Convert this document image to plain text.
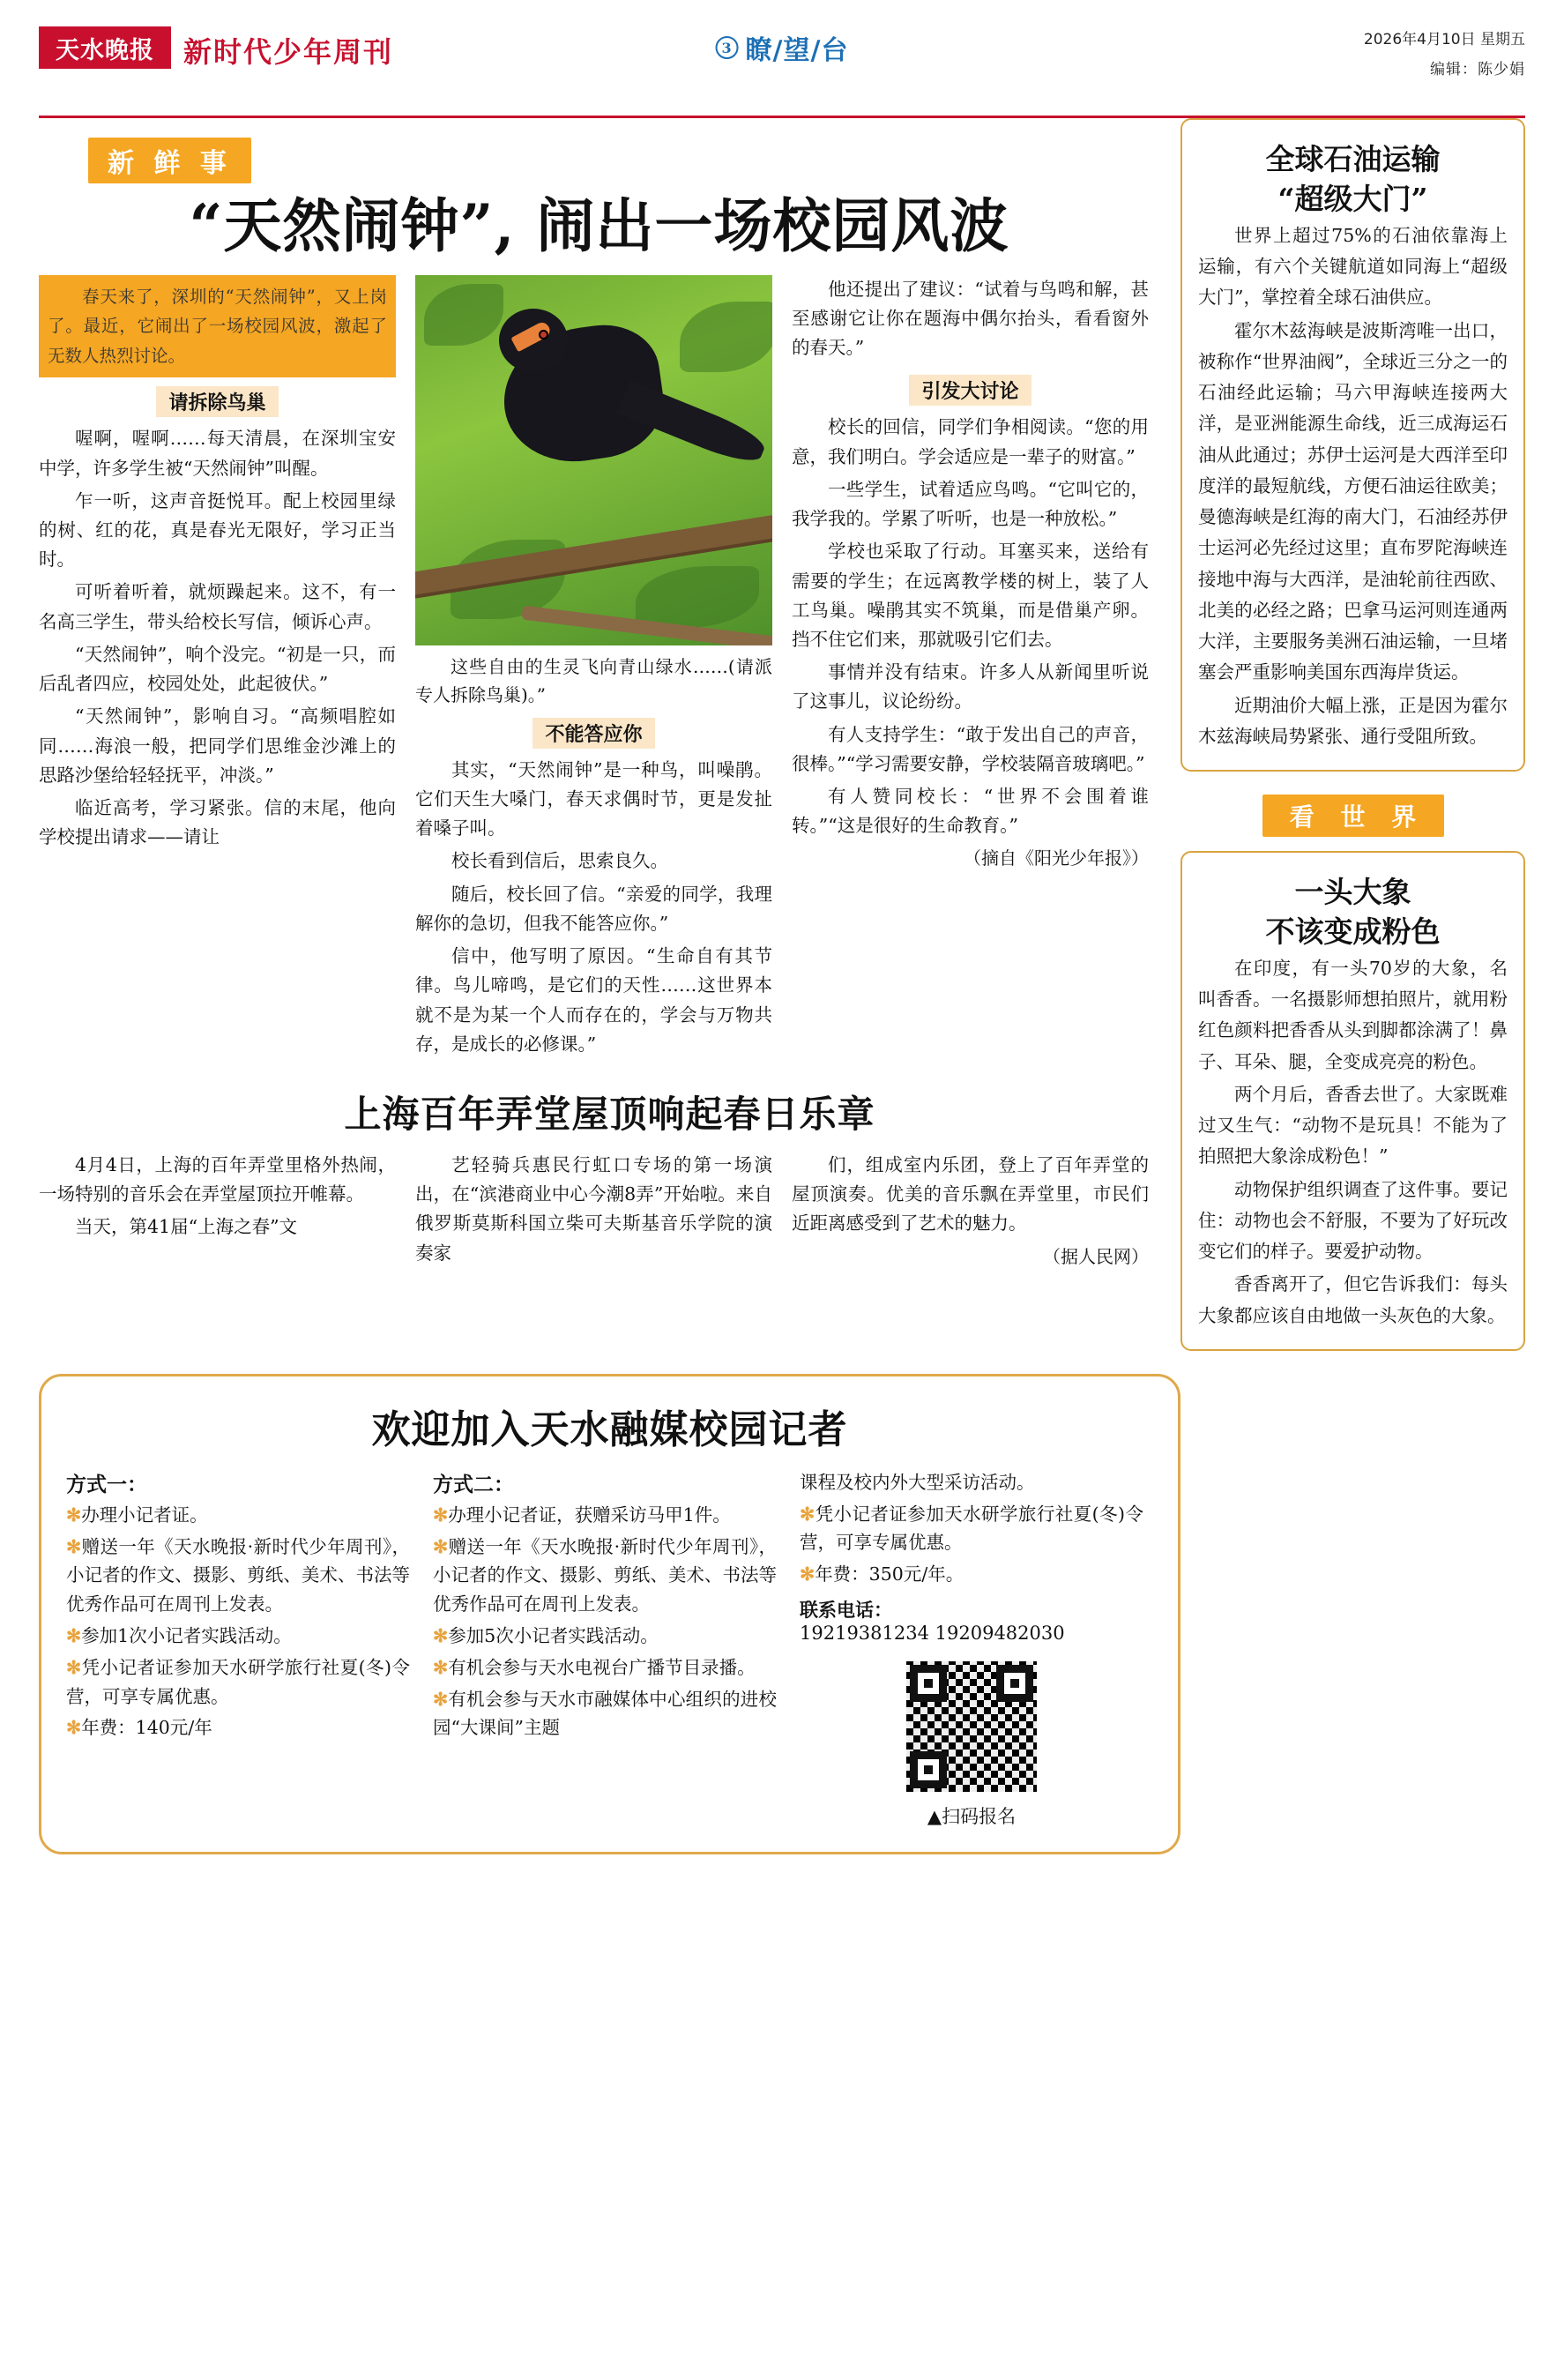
天水晚报	新时代少年周刊	3 瞭/望/台	2026年4月10日 星期五
编辑：陈少娟
新 鲜 事
“天然闹钟”, 闹出一场校园风波
春天来了，深圳的“天然闹钟”，又上岗了。最近，它闹出了一场校园风波，激起了无数人热烈讨论。
请拆除鸟巢

喔啊，喔啊……每天清晨，在深圳宝安中学，许多学生被“天然闹钟”叫醒。

乍一听，这声音挺悦耳。配上校园里绿的树、红的花，真是春光无限好，学习正当时。

可听着听着，就烦躁起来。这不，有一名高三学生，带头给校长写信，倾诉心声。

“天然闹钟”，响个没完。“初是一只，而后乱者四应，校园处处，此起彼伏。”

“天然闹钟”，影响自习。“高频唱腔如同……海浪一般，把同学们思维金沙滩上的思路沙堡给轻轻抚平，冲淡。”

临近高考，学习紧张。信的末尾，他向学校提出请求——请让

这些自由的生灵飞向青山绿水……(请派专人拆除鸟巢)。”
不能答应你

其实，“天然闹钟”是一种鸟，叫噪鹃。它们天生大嗓门，春天求偶时节，更是发扯着嗓子叫。

校长看到信后，思索良久。

随后，校长回了信。“亲爱的同学，我理解你的急切，但我不能答应你。”

信中，他写明了原因。“生命自有其节律。鸟儿啼鸣，是它们的天性……这世界本就不是为某一个人而存在的，学会与万物共存，是成长的必修课。”

他还提出了建议：“试着与鸟鸣和解，甚至感谢它让你在题海中偶尔抬头，看看窗外的春天。”

引发大讨论

校长的回信，同学们争相阅读。“您的用意，我们明白。学会适应是一辈子的财富。”

一些学生，试着适应鸟鸣。“它叫它的，我学我的。学累了听听，也是一种放松。”

学校也采取了行动。耳塞买来，送给有需要的学生；在远离教学楼的树上，装了人工鸟巢。噪鹃其实不筑巢，而是借巢产卵。挡不住它们来，那就吸引它们去。

事情并没有结束。许多人从新闻里听说了这事儿，议论纷纷。

有人支持学生：“敢于发出自己的声音，很棒。”“学习需要安静，学校装隔音玻璃吧。”

有人赞同校长：“世界不会围着谁转。”“这是很好的生命教育。”

（摘自《阳光少年报》）
上海百年弄堂屋顶响起春日乐章

4月4日，上海的百年弄堂里格外热闹，一场特别的音乐会在弄堂屋顶拉开帷幕。

当天，第41届“上海之春”文

艺轻骑兵惠民行虹口专场的第一场演出，在“滨港商业中心今潮8弄”开始啦。来自俄罗斯莫斯科国立柴可夫斯基音乐学院的演奏家

们，组成室内乐团，登上了百年弄堂的屋顶演奏。优美的音乐飘在弄堂里，市民们近距离感受到了艺术的魅力。

（据人民网）
全球石油运输
“超级大门”

世界上超过75%的石油依靠海上运输，有六个关键航道如同海上“超级大门”，掌控着全球石油供应。

霍尔木兹海峡是波斯湾唯一出口，被称作“世界油阀”，全球近三分之一的石油经此运输；马六甲海峡连接两大洋，是亚洲能源生命线，近三成海运石油从此通过；苏伊士运河是大西洋至印度洋的最短航线，方便石油运往欧美；曼德海峡是红海的南大门，石油经苏伊士运河必先经过这里；直布罗陀海峡连接地中海与大西洋，是油轮前往西欧、北美的必经之路；巴拿马运河则连通两大洋，主要服务美洲石油运输，一旦堵塞会严重影响美国东西海岸货运。

近期油价大幅上涨，正是因为霍尔木兹海峡局势紧张、通行受阻所致。

看 世 界
一头大象
不该变成粉色

在印度，有一头70岁的大象，名叫香香。一名摄影师想拍照片，就用粉红色颜料把香香从头到脚都涂满了！鼻子、耳朵、腿，全变成亮亮的粉色。

两个月后，香香去世了。大家既难过又生气：“动物不是玩具！不能为了拍照把大象涂成粉色！”

动物保护组织调查了这件事。要记住：动物也会不舒服，不要为了好玩改变它们的样子。要爱护动物。

香香离开了，但它告诉我们：每头大象都应该自由地做一头灰色的大象。

欢迎加入天水融媒校园记者
方式一：

✻办理小记者证。

✻赠送一年《天水晚报·新时代少年周刊》，小记者的作文、摄影、剪纸、美术、书法等优秀作品可在周刊上发表。

✻参加1次小记者实践活动。

✻凭小记者证参加天水研学旅行社夏(冬)令营，可享专属优惠。

✻年费：140元/年

方式二：

✻办理小记者证，获赠采访马甲1件。

✻赠送一年《天水晚报·新时代少年周刊》，小记者的作文、摄影、剪纸、美术、书法等优秀作品可在周刊上发表。

✻参加5次小记者实践活动。

✻有机会参与天水电视台广播节目录播。

✻有机会参与天水市融媒体中心组织的进校园“大课间”主题

课程及校内外大型采访活动。

✻凭小记者证参加天水研学旅行社夏(冬)令营，可享专属优惠。

✻年费：350元/年。

联系电话：
19219381234 19209482030
▲扫码报名
